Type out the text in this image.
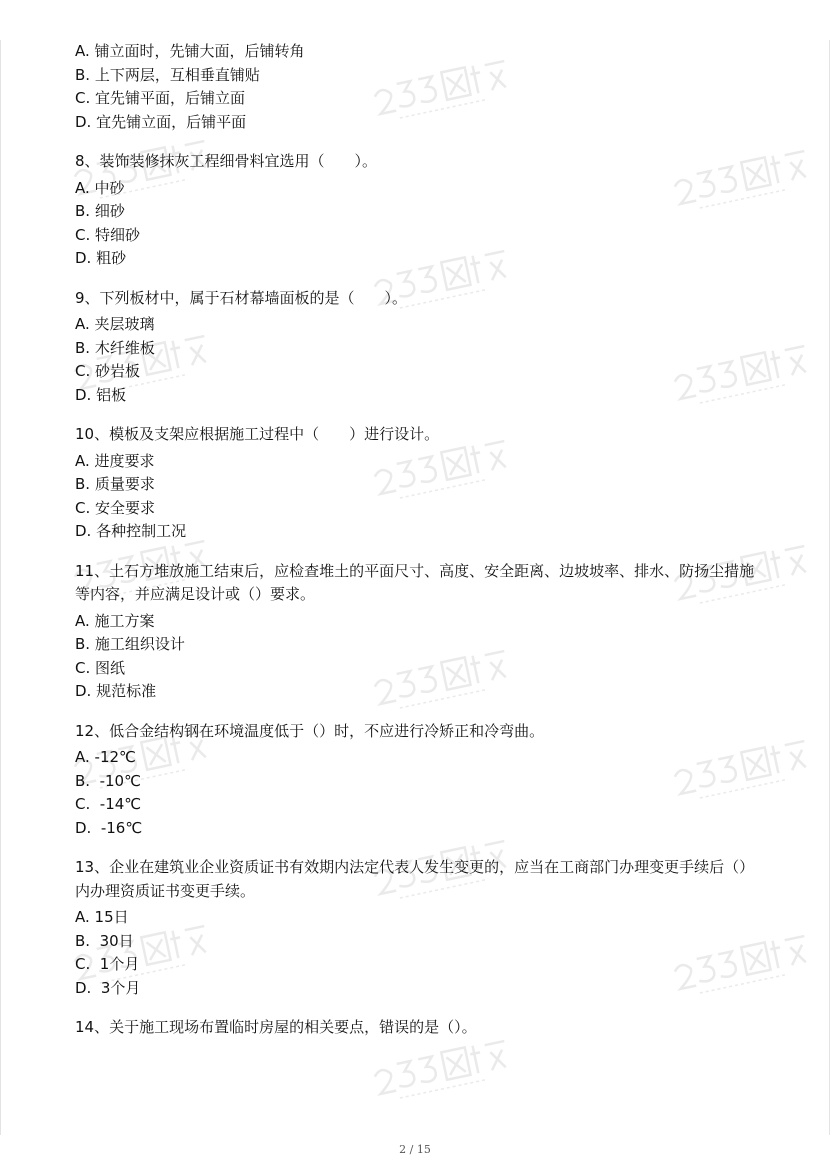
A. 铺立面时，先铺大面，后铺转角
B. 上下两层，互相垂直铺贴
C. 宜先铺平面，后铺立面
D. 宜先铺立面，后铺平面
8、装饰装修抹灰工程细骨料宜选用（　　）。
A. 中砂
B. 细砂
C. 特细砂
D. 粗砂
9、下列板材中，属于石材幕墙面板的是（　　）。
A. 夹层玻璃
B. 木纤维板
C. 砂岩板
D. 铝板
10、模板及支架应根据施工过程中（　　）进行设计。
A. 进度要求
B. 质量要求
C. 安全要求
D. 各种控制工况
11、土石方堆放施工结束后，应检查堆土的平面尺寸、高度、安全距离、边坡坡率、排水、防扬尘措施等内容，并应满足设计或（）要求。
A. 施工方案
B. 施工组织设计
C. 图纸
D. 规范标准
12、低合金结构钢在环境温度低于（）时，不应进行冷矫正和冷弯曲。
A. -12℃
B.  -10℃
C.  -14℃
D.  -16℃
13、企业在建筑业企业资质证书有效期内法定代表人发生变更的，应当在工商部门办理变更手续后（）内办理资质证书变更手续。
A. 15日
B.  30日
C.  1个月
D.  3个月
14、关于施工现场布置临时房屋的相关要点，错误的是（）。
2 / 15
